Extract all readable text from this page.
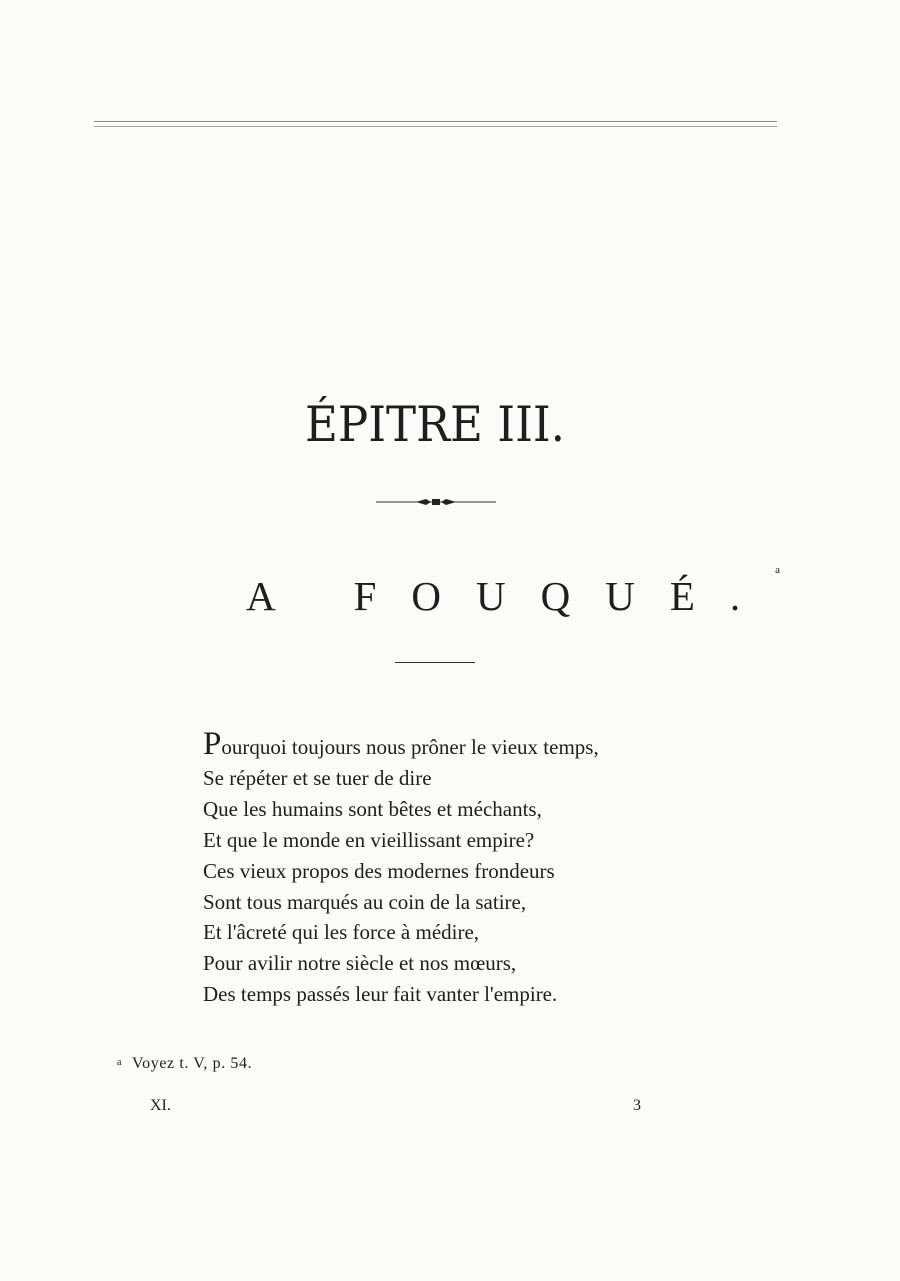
ÉPITRE III.
A FOUQUÉ.$^a$
Pourquoi toujours nous prôner le vieux temps,
Se répéter et se tuer de dire
Que les humains sont bêtes et méchants,
Et que le monde en vieillissant empire?
Ces vieux propos des modernes frondeurs
Sont tous marqués au coin de la satire,
Et l'âcreté qui les force à médire,
Pour avilir notre siècle et nos mœurs,
Des temps passés leur fait vanter l'empire.
a Voyez t. V, p. 54.
XI.	3
